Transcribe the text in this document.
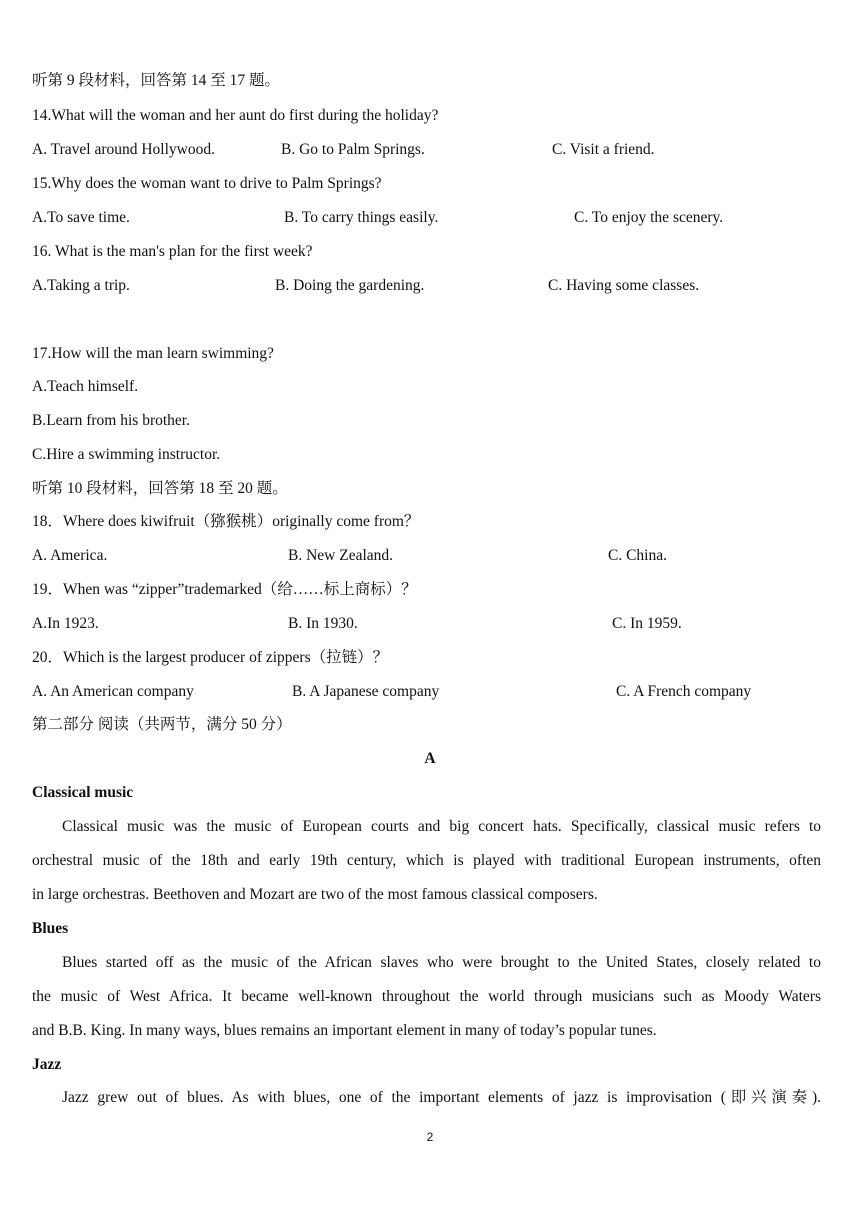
听第 9 段材料，回答第 14 至 17 题。
14.What will the woman and her aunt do first during the holiday?
A. Travel around Hollywood.	B. Go to Palm Springs.	C. Visit a friend.
15.Why does the woman want to drive to Palm Springs?
A.To save time.	B. To carry things easily.	C. To enjoy the scenery.
16. What is the man's plan for the first week?
A.Taking a trip.	B. Doing the gardening.	C. Having some classes.
17.How will the man learn swimming?
A.Teach himself.
B.Learn from his brother.
C.Hire a swimming instructor.
听第 10 段材料，回答第 18 至 20 题。
18．Where does kiwifruit（猕猴桃）originally come from？
A. America.	B. New Zealand.	C. China.
19．When was “zipper”trademarked（给……标上商标）？
A.In 1923.	B. In 1930.	C. In 1959.
20．Which is the largest producer of zippers（拉链）？
A. An American company	B. A Japanese company	C. A French company
第二部分 阅读（共两节，满分 50 分）
A
Classical music
Classical music was the music of European courts and big concert hats. Specifically, classical music refers to
orchestral music of the 18th and early 19th century, which is played with traditional European instruments, often
in large orchestras. Beethoven and Mozart are two of the most famous classical composers.
Blues
Blues started off as the music of the African slaves who were brought to the United States, closely related to
the music of West Africa. It became well-known throughout the world through musicians such as Moody Waters
and B.B. King. In many ways, blues remains an important element in many of today’s popular tunes.
Jazz
Jazz grew out of blues. As with blues, one of the important elements of jazz is improvisation (即兴演奏).
2
